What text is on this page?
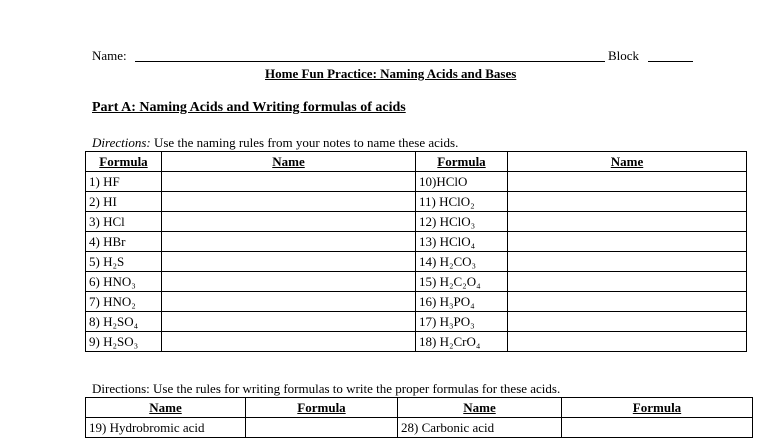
Name:	Block
Home Fun Practice: Naming Acids and Bases
Part A: Naming Acids and Writing formulas of acids
Directions: Use the naming rules from your notes to name these acids.
Formula	Name	Formula	Name
1) HF		10)HClO	
2) HI		11) HClO₂	
3) HCl		12) HClO₃	
4) HBr		13) HClO₄	
5) H₂S		14) H₂CO₃	
6) HNO₃		15) H₂C₂O₄	
7) HNO₂		16) H₃PO₄	
8) H₂SO₄		17) H₃PO₃	
9) H₂SO₃		18) H₂CrO₄	
Directions: Use the rules for writing formulas to write the proper formulas for these acids.
Name	Formula	Name	Formula
19) Hydrobromic acid		28) Carbonic acid	
